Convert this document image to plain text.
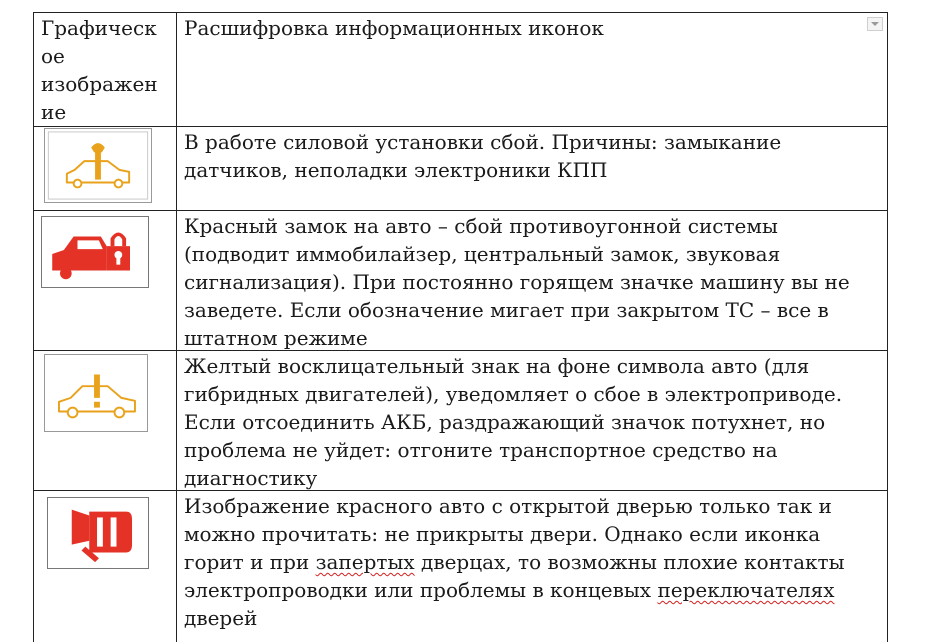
Графическ
ое
изображен
ие
Расшифровка информационных иконок
В работе силовой установки сбой. Причины: замыкание
датчиков, неполадки электроники КПП
Красный замок на авто – сбой противоугонной системы
(подводит иммобилайзер, центральный замок, звуковая
сигнализация). При постоянно горящем значке машину вы не
заведете. Если обозначение мигает при закрытом ТС – все в
штатном режиме
Желтый восклицательный знак на фоне символа авто (для
гибридных двигателей), уведомляет о сбое в электроприводе.
Если отсоединить АКБ, раздражающий значок потухнет, но
проблема не уйдет: отгоните транспортное средство на
диагностику
Изображение красного авто с открытой дверью только так и
можно прочитать: не прикрыты двери. Однако если иконка
горит и при запертых дверцах, то возможны плохие контакты
электропроводки или проблемы в концевых переключателях
дверей
